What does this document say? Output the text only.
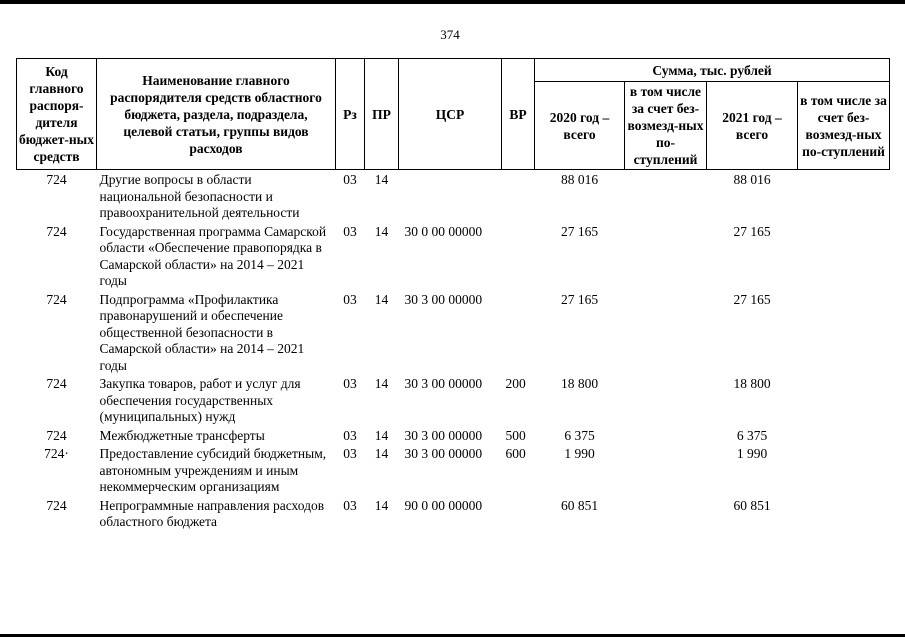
374
Код главного распоря-дителя бюджет-ных средств	Наименование главного распорядителя средств областного бюджета, раздела, подраздела, целевой статьи, группы видов расходов	Рз	ПР	ЦСР	ВР	Сумма, тыс. рублей			
						2020 год – всего	в том числе за счет без-возмезд-ных по-ступлений	2021 год – всего	в том числе за счет без-возмезд-ных по-ступлений
724	Другие вопросы в области национальной безопасности и правоохранительной деятельности	03	14			88 016		88 016	
724	Государственная программа Самарской области «Обеспечение правопорядка в Самарской области» на 2014 – 2021 годы	03	14	30 0 00 00000		27 165		27 165	
724	Подпрограмма «Профилактика правонарушений и обеспечение общественной безопасности в Самарской области» на 2014 – 2021 годы	03	14	30 3 00 00000		27 165		27 165	
724	Закупка товаров, работ и услуг для обеспечения государственных (муниципальных) нужд	03	14	30 3 00 00000	200	18 800		18 800	
724	Межбюджетные трансферты	03	14	30 3 00 00000	500	6 375		6 375	
724·	Предоставление субсидий бюджетным, автономным учреждениям и иным некоммерческим организациям	03	14	30 3 00 00000	600	1 990		1 990	
724	Непрограммные направления расходов областного бюджета	03	14	90 0 00 00000		60 851		60 851	
